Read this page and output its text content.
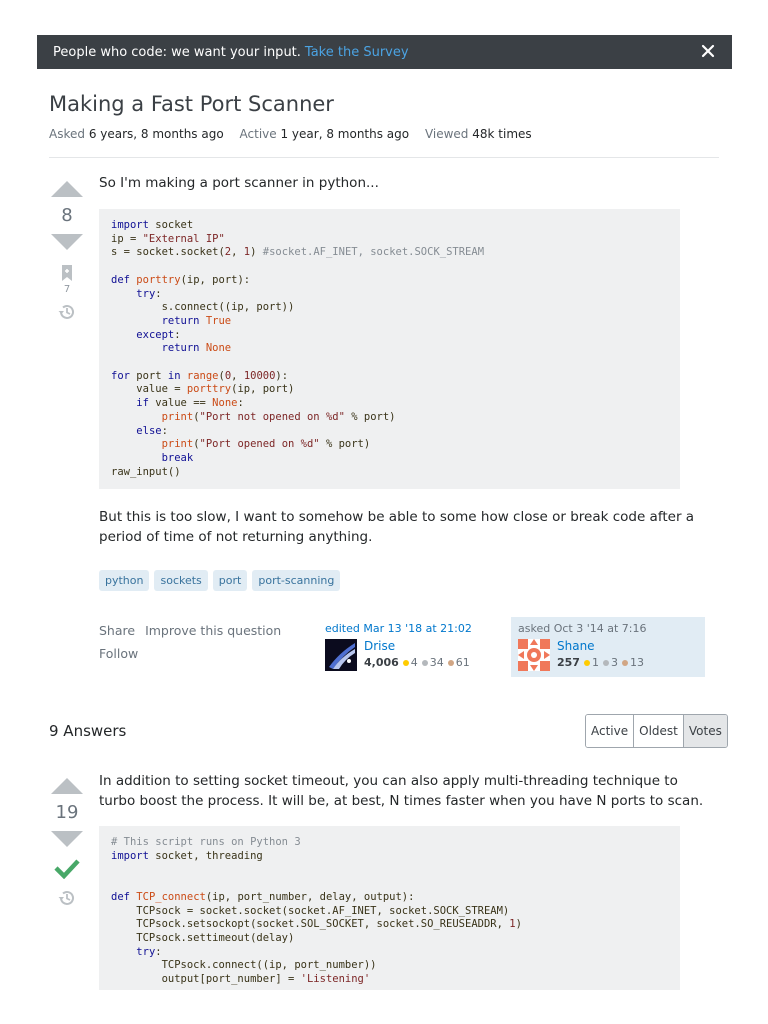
People who code: we want your input. Take the Survey
Making a Fast Port Scanner
Asked 6 years, 8 months ago Active 1 year, 8 months ago Viewed 48k times
8
7
So I'm making a port scanner in python...
import socket
ip = "External IP"
s = socket.socket(2, 1) #socket.AF_INET, socket.SOCK_STREAM

def porttry(ip, port):
try:
s.connect((ip, port))
return True
except:
return None

for port in range(0, 10000):
value = porttry(ip, port)
if value == None:
print("Port not opened on %d" % port)
else:
print("Port opened on %d" % port)
break
raw_input()
But this is too slow, I want to somehow be able to some how close or break code after a period of time of not returning anything.
python	sockets	port	port-scanning
Share Improve this question
Follow
edited Mar 13 '18 at 21:02
Drise
4,006 4 34 61
asked Oct 3 '14 at 7:16
Shane
257 1 3 13
9 Answers	Active Oldest Votes
19
In addition to setting socket timeout, you can also apply multi-threading technique to turbo boost the process. It will be, at best, N times faster when you have N ports to scan.
# This script runs on Python 3
import socket, threading

def TCP_connect(ip, port_number, delay, output):
TCPsock = socket.socket(socket.AF_INET, socket.SOCK_STREAM)
TCPsock.setsockopt(socket.SOL_SOCKET, socket.SO_REUSEADDR, 1)
TCPsock.settimeout(delay)
try:
TCPsock.connect((ip, port_number))
output[port_number] = 'Listening'
